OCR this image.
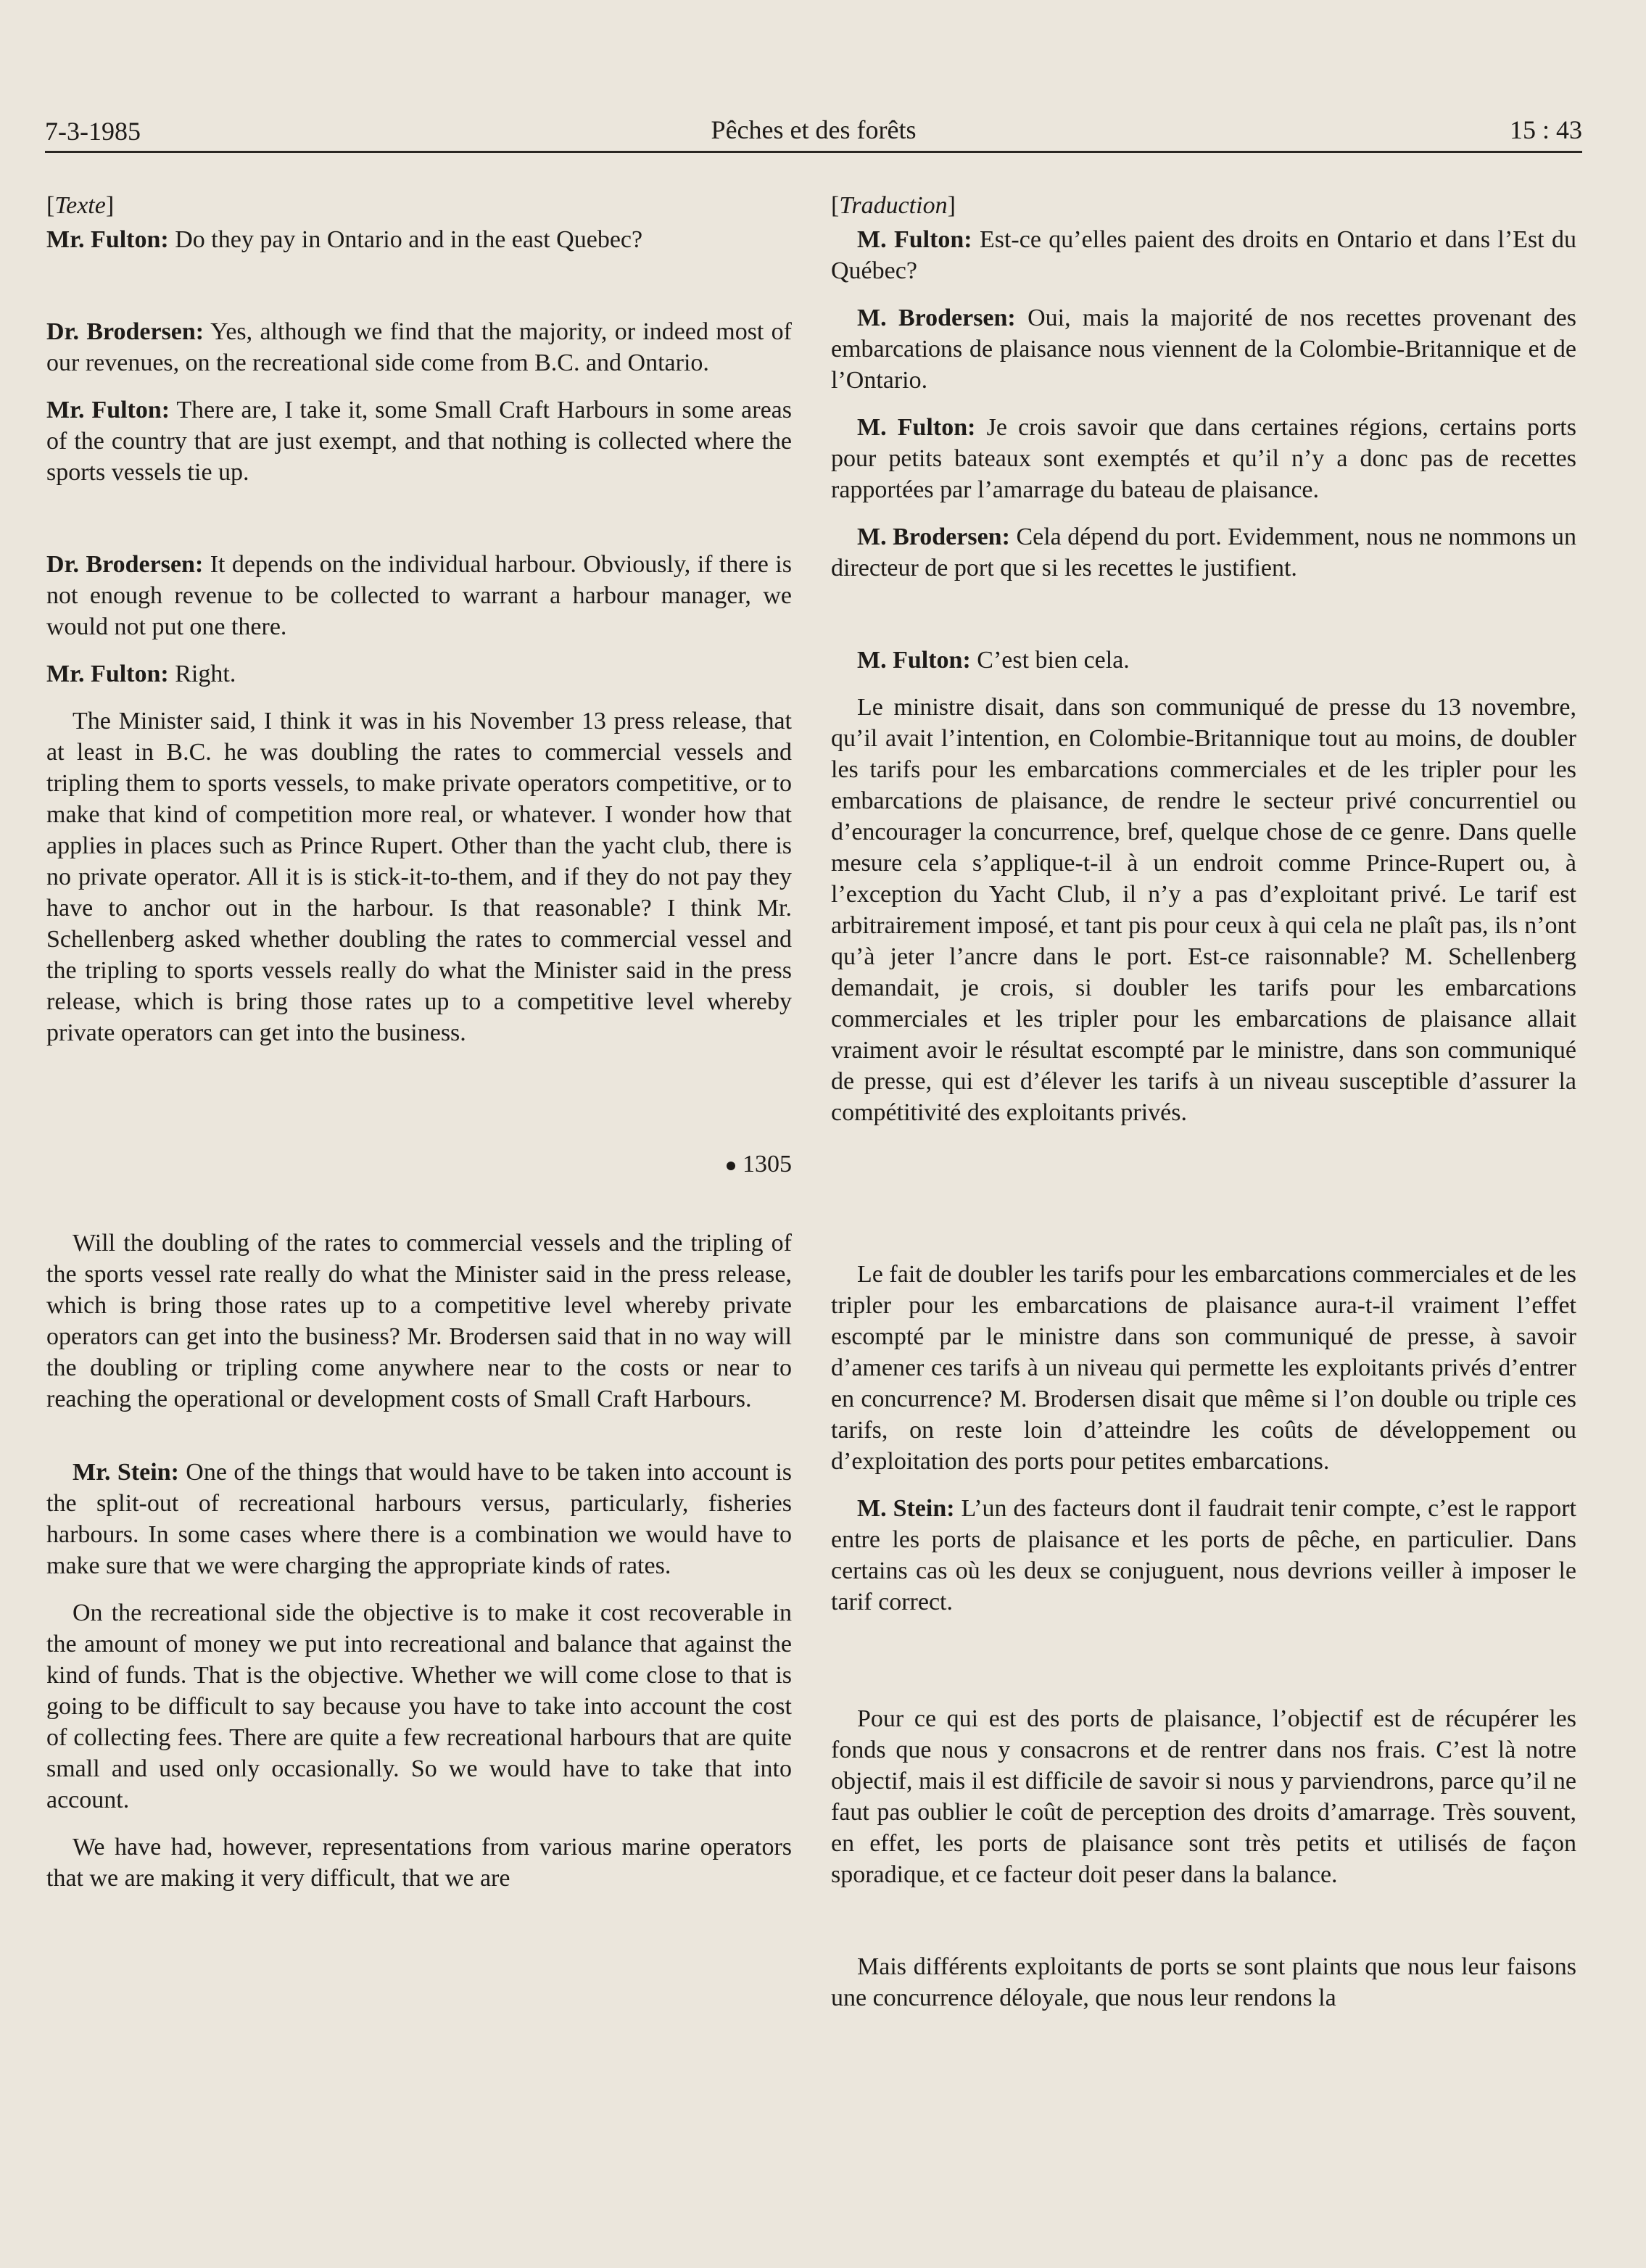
7-3-1985	Pêches et des forêts	15 : 43

[Texte]

Mr. Fulton: Do they pay in Ontario and in the east Quebec?

Dr. Brodersen: Yes, although we find that the majority, or indeed most of our revenues, on the recreational side come from B.C. and Ontario.

Mr. Fulton: There are, I take it, some Small Craft Harbours in some areas of the country that are just exempt, and that nothing is collected where the sports vessels tie up.

Dr. Brodersen: It depends on the individual harbour. Obviously, if there is not enough revenue to be collected to warrant a harbour manager, we would not put one there.

Mr. Fulton: Right.

The Minister said, I think it was in his November 13 press release, that at least in B.C. he was doubling the rates to commercial vessels and tripling them to sports vessels, to make private operators competitive, or to make that kind of competition more real, or whatever. I wonder how that applies in places such as Prince Rupert. Other than the yacht club, there is no private operator. All it is is stick-it-to-them, and if they do not pay they have to anchor out in the harbour. Is that reasonable? I think Mr. Schellenberg asked whether doubling the rates to commercial vessel and the tripling to sports vessels really do what the Minister said in the press release, which is bring those rates up to a competitive level whereby private operators can get into the business.

1305

Will the doubling of the rates to commercial vessels and the tripling of the sports vessel rate really do what the Minister said in the press release, which is bring those rates up to a competitive level whereby private operators can get into the business? Mr. Brodersen said that in no way will the doubling or tripling come anywhere near to the costs or near to reaching the operational or development costs of Small Craft Harbours.

Mr. Stein: One of the things that would have to be taken into account is the split-out of recreational harbours versus, particularly, fisheries harbours. In some cases where there is a combination we would have to make sure that we were charging the appropriate kinds of rates.

On the recreational side the objective is to make it cost recoverable in the amount of money we put into recreational and balance that against the kind of funds. That is the objective. Whether we will come close to that is going to be difficult to say because you have to take into account the cost of collecting fees. There are quite a few recreational harbours that are quite small and used only occasionally. So we would have to take that into account.

We have had, however, representations from various marine operators that we are making it very difficult, that we are

[Traduction]

M. Fulton: Est-ce qu’elles paient des droits en Ontario et dans l’Est du Québec?

M. Brodersen: Oui, mais la majorité de nos recettes provenant des embarcations de plaisance nous viennent de la Colombie-Britannique et de l’Ontario.

M. Fulton: Je crois savoir que dans certaines régions, certains ports pour petits bateaux sont exemptés et qu’il n’y a donc pas de recettes rapportées par l’amarrage du bateau de plaisance.

M. Brodersen: Cela dépend du port. Evidemment, nous ne nommons un directeur de port que si les recettes le justifient.

M. Fulton: C’est bien cela.

Le ministre disait, dans son communiqué de presse du 13 novembre, qu’il avait l’intention, en Colombie-Britannique tout au moins, de doubler les tarifs pour les embarcations commerciales et de les tripler pour les embarcations de plaisance, de rendre le secteur privé concurrentiel ou d’encourager la concurrence, bref, quelque chose de ce genre. Dans quelle mesure cela s’applique-t-il à un endroit comme Prince-Rupert ou, à l’exception du Yacht Club, il n’y a pas d’exploitant privé. Le tarif est arbitrairement imposé, et tant pis pour ceux à qui cela ne plaît pas, ils n’ont qu’à jeter l’ancre dans le port. Est-ce raisonnable? M. Schellenberg demandait, je crois, si doubler les tarifs pour les embarcations commerciales et les tripler pour les embarcations de plaisance allait vraiment avoir le résultat escompté par le ministre, dans son communiqué de presse, qui est d’élever les tarifs à un niveau susceptible d’assurer la compétitivité des exploitants privés.

Le fait de doubler les tarifs pour les embarcations commerciales et de les tripler pour les embarcations de plaisance aura-t-il vraiment l’effet escompté par le ministre dans son communiqué de presse, à savoir d’amener ces tarifs à un niveau qui permette les exploitants privés d’entrer en concurrence? M. Brodersen disait que même si l’on double ou triple ces tarifs, on reste loin d’atteindre les coûts de développement ou d’exploitation des ports pour petites embarcations.

M. Stein: L’un des facteurs dont il faudrait tenir compte, c’est le rapport entre les ports de plaisance et les ports de pêche, en particulier. Dans certains cas où les deux se conjuguent, nous devrions veiller à imposer le tarif correct.

Pour ce qui est des ports de plaisance, l’objectif est de récupérer les fonds que nous y consacrons et de rentrer dans nos frais. C’est là notre objectif, mais il est difficile de savoir si nous y parviendrons, parce qu’il ne faut pas oublier le coût de perception des droits d’amarrage. Très souvent, en effet, les ports de plaisance sont très petits et utilisés de façon sporadique, et ce facteur doit peser dans la balance.

Mais différents exploitants de ports se sont plaints que nous leur faisons une concurrence déloyale, que nous leur rendons la
